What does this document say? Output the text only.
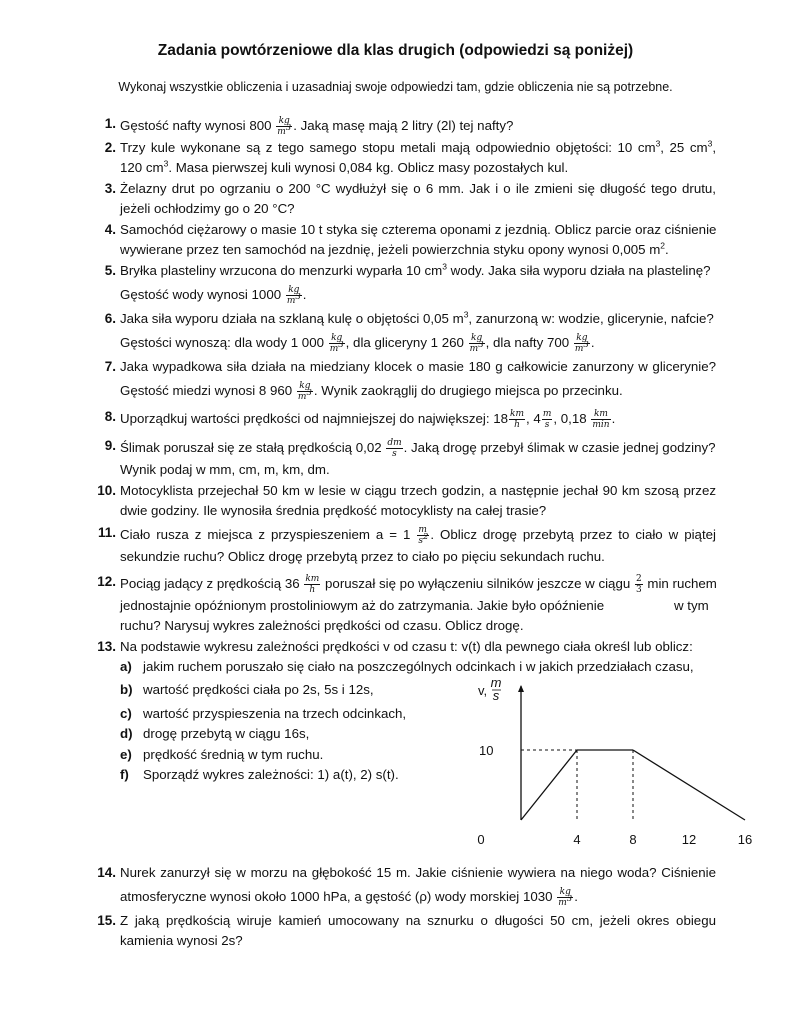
Zadania powtórzeniowe dla klas drugich (odpowiedzi są poniżej)
Wykonaj wszystkie obliczenia i uzasadniaj swoje odpowiedzi tam, gdzie obliczenia nie są potrzebne.
1. Gęstość nafty wynosi $800 \frac{kg}{m^3}$ . Jaką masę mają 2 litry (2l) tej nafty?
2. Trzy kule wykonane są z tego samego stopu metali mają odpowiednio objętości: 10 $cm^3$, 25 $cm^3$,
120 $cm^3$. Masa pierwszej kuli wynosi 0,084 kg. Oblicz masy pozostałych kul.
3. Żelazny drut po ogrzaniu o 200 °C wydłużył się o 6 mm. Jak i o ile zmieni się długość tego drutu,
jeżeli ochłodzimy go o 20 °C?
4. Samochód ciężarowy o masie 10 t styka się czterema oponami z jezdnią. Oblicz parcie oraz ciśnienie
wywierane przez ten samochód na jezdnię, jeżeli powierzchnia styku opony wynosi 0,005 $m^2$.
5. Bryłka plasteliny wrzucona do menzurki wyparła 10 $cm^3$ wody. Jaka siła wyporu działa na plastelinę?
Gęstość wody wynosi $1000 \frac{kg}{m^3}$ .
6. Jaka siła wyporu działa na szklaną kulę o objętości 0,05 $m^3$, zanurzoną w: wodzie, glicerynie, nafcie?
Gęstości wynoszą: dla wody 1 $000 \frac{kg}{m^3}$ , dla gliceryny 1 $260 \frac{kg}{m^3}$ , dla nafty $700 \frac{kg}{m^3}$ .
7. Jaka wypadkowa siła działa na miedziany klocek o masie 180 g całkowicie zanurzony w glicerynie?
Gęstość miedzi wynosi 8 $960 \frac{kg}{m^3}$ . Wynik zaokrąglij do drugiego miejsca po przecinku.
8. Uporządkuj wartości prędkości od najmniejszej do największej: $18 \frac{km}{h}$ , $4 \frac{m}{s}$ , $0,18 \frac{km}{\min}$ .
9. Ślimak poruszał się ze stałą prędkością $0,02 \frac{dm}{s}$ . Jaką drogę przebył ślimak w czasie jednej godziny?
Wynik podaj w mm, cm, m, km, dm.
10. Motocyklista przejechał 50 km w lesie w ciągu trzech godzin, a następnie jechał 90 km szosą przez
dwie godziny. Ile wynosiła średnia prędkość motocyklisty na całej trasie?
11. Ciało rusza z miejsca z przyspieszeniem $a = 1 \frac{m}{s^2}$ . Oblicz drogę przebytą przez to ciało w piątej
sekundzie ruchu? Oblicz drogę przebytą przez to ciało po pięciu sekundach ruchu.
12. Pociąg jadący z prędkością $36 \frac{km}{h}$ poruszał się po wyłączeniu silników jeszcze w ciągu $\frac{2}{3}$ min ruchem
jednostajnie opóźnionym prostoliniowym aż do zatrzymania. Jakie było opóźnienie	w tym
ruchu? Narysuj wykres zależności prędkości od czasu. Oblicz drogę.
13. Na podstawie wykresu zależności prędkości v od czasu t: v(t) dla pewnego ciała określ lub oblicz:
a) jakim ruchem poruszało się ciało na poszczególnych odcinkach i w jakich przedziałach czasu,
b) wartość prędkości ciała po 2s, 5s i 12s,
c) wartość przyspieszenia na trzech odcinkach,
d) drogę przebytą w ciągu 16s,
e) prędkość średnią w tym ruchu.
f) Sporządź wykres zależności: 1) a(t), 2) s(t).
v,
m
s
10
0	4	8	12	16
14. Nurek zanurzył się w morzu na głębokość 15 m. Jakie ciśnienie wywiera na niego woda? Ciśnienie
atmosferyczne wynosi około 1000 hPa, a gęstość (ρ) wody morskiej $1030 \frac{kg}{m^3}$ .
15. Z jaką prędkością wiruje kamień umocowany na sznurku o długości 50 cm, jeżeli okres obiegu
kamienia wynosi 2s?
